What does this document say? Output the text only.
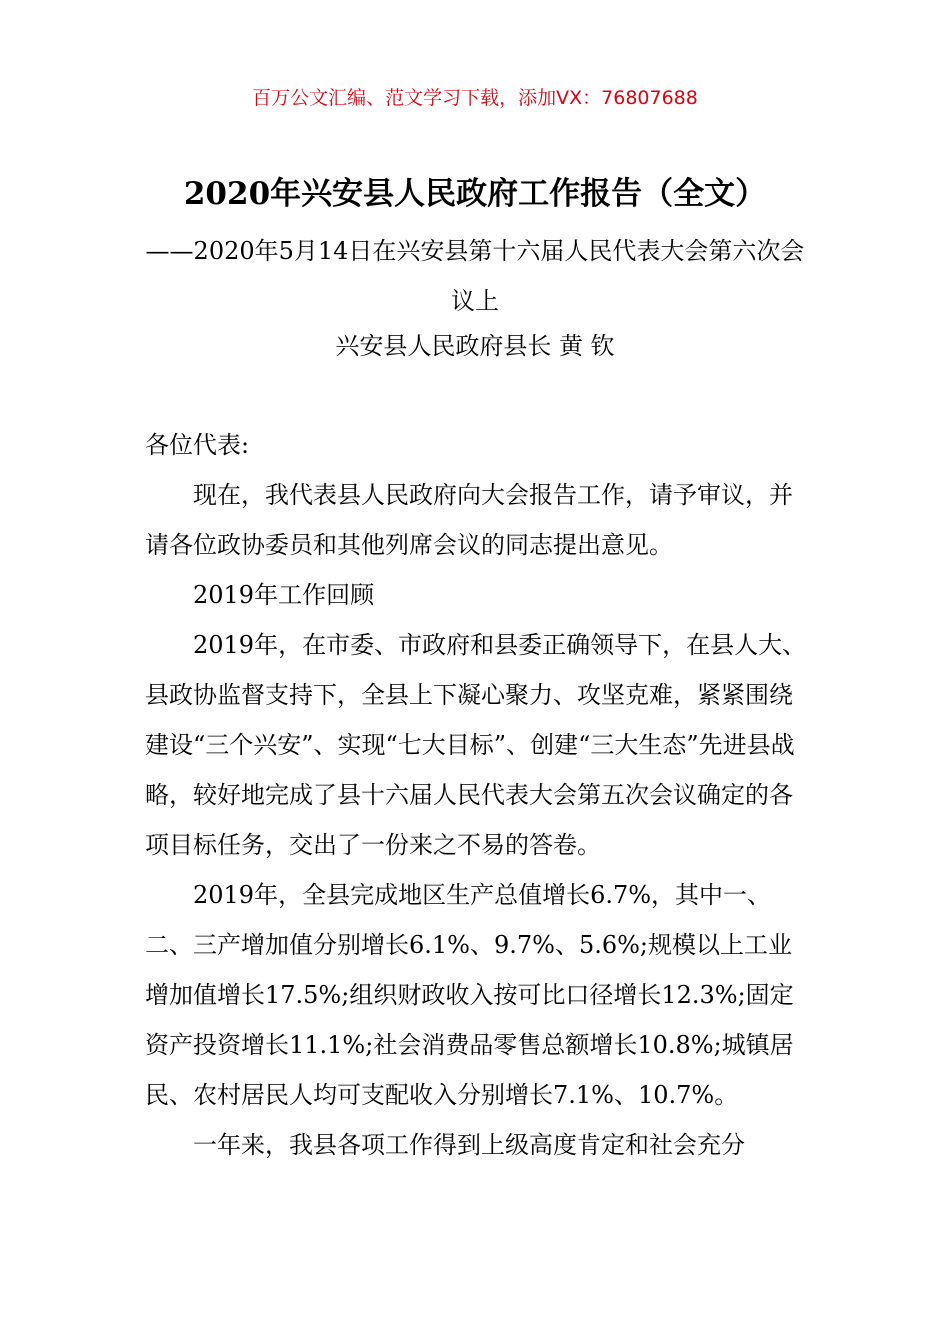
百万公文汇编、范文学习下载，添加VX：76807688
2020年兴安县人民政府工作报告（全文）
——2020年5月14日在兴安县第十六届人民代表大会第六次会议上
兴安县人民政府县长 黄 钦

各位代表:

现在，我代表县人民政府向大会报告工作，请予审议，并请各位政协委员和其他列席会议的同志提出意见。

2019年工作回顾

2019年，在市委、市政府和县委正确领导下，在县人大、县政协监督支持下，全县上下凝心聚力、攻坚克难，紧紧围绕建设“三个兴安”、实现“七大目标”、创建“三大生态”先进县战略，较好地完成了县十六届人民代表大会第五次会议确定的各项目标任务，交出了一份来之不易的答卷。

2019年，全县完成地区生产总值增长6.7%，其中一、二、三产增加值分别增长6.1%、9.7%、5.6%;规模以上工业增加值增长17.5%;组织财政收入按可比口径增长12.3%;固定资产投资增长11.1%;社会消费品零售总额增长10.8%;城镇居民、农村居民人均可支配收入分别增长7.1%、10.7%。

一年来，我县各项工作得到上级高度肯定和社会充分
